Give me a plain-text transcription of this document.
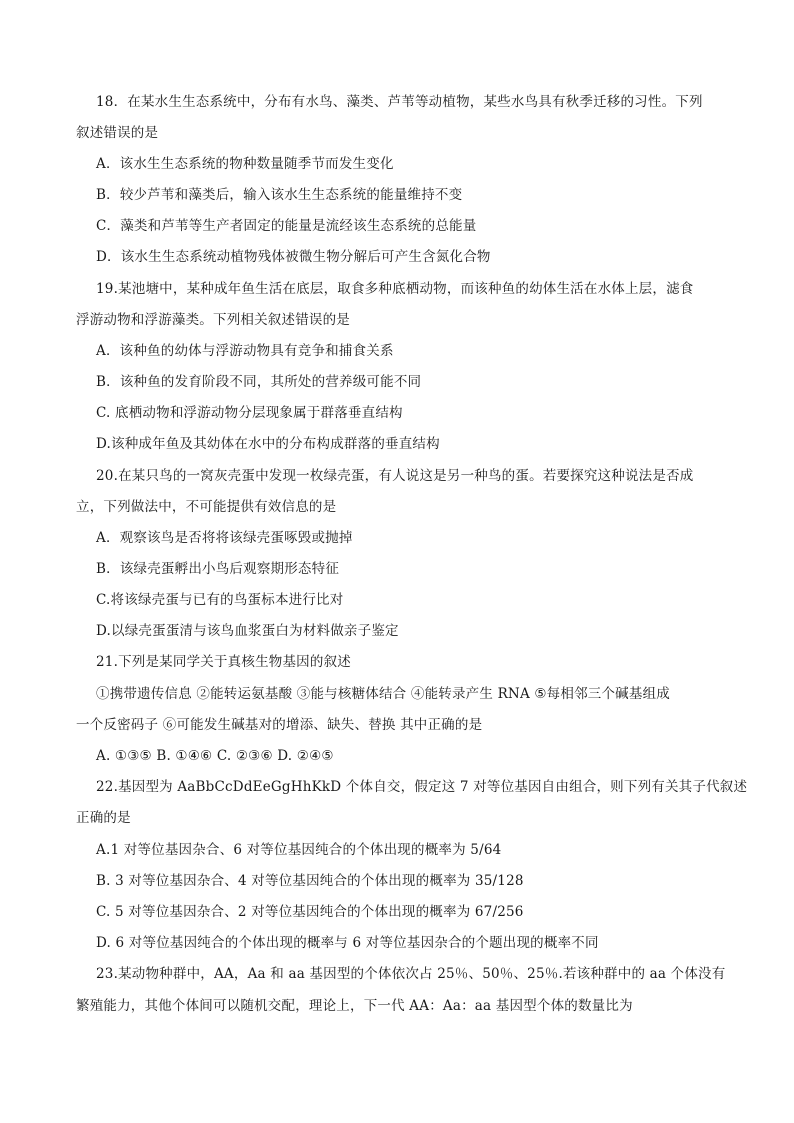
18．在某水生生态系统中，分布有水鸟、藻类、芦苇等动植物，某些水鸟具有秋季迁移的习性。下列
叙述错误的是
A．该水生生态系统的物种数量随季节而发生变化
B．较少芦苇和藻类后，输入该水生生态系统的能量维持不变
C．藻类和芦苇等生产者固定的能量是流经该生态系统的总能量
D．该水生生态系统动植物残体被微生物分解后可产生含氮化合物
19.某池塘中，某种成年鱼生活在底层，取食多种底栖动物，而该种鱼的幼体生活在水体上层，滤食
浮游动物和浮游藻类。下列相关叙述错误的是
A．该种鱼的幼体与浮游动物具有竞争和捕食关系
B．该种鱼的发育阶段不同，其所处的营养级可能不同
C. 底栖动物和浮游动物分层现象属于群落垂直结构
D.该种成年鱼及其幼体在水中的分布构成群落的垂直结构
20.在某只鸟的一窝灰壳蛋中发现一枚绿壳蛋，有人说这是另一种鸟的蛋。若要探究这种说法是否成
立，下列做法中，不可能提供有效信息的是
A．观察该鸟是否将将该绿壳蛋啄毁或抛掉
B．该绿壳蛋孵出小鸟后观察期形态特征
C.将该绿壳蛋与已有的鸟蛋标本进行比对
D.以绿壳蛋蛋清与该鸟血浆蛋白为材料做亲子鉴定
21.下列是某同学关于真核生物基因的叙述
①携带遗传信息 ②能转运氨基酸 ③能与核糖体结合 ④能转录产生 RNA ⑤每相邻三个碱基组成
一个反密码子 ⑥可能发生碱基对的增添、缺失、替换 其中正确的是
A. ①③⑤ B. ①④⑥ C. ②③⑥ D. ②④⑤
22.基因型为 AaBbCcDdEeGgHhKkD 个体自交，假定这 7 对等位基因自由组合，则下列有关其子代叙述
正确的是
A.1 对等位基因杂合、6 对等位基因纯合的个体出现的概率为 5/64
B. 3 对等位基因杂合、4 对等位基因纯合的个体出现的概率为 35/128
C. 5 对等位基因杂合、2 对等位基因纯合的个体出现的概率为 67/256
D. 6 对等位基因纯合的个体出现的概率与 6 对等位基因杂合的个题出现的概率不同
23.某动物种群中，AA，Aa 和 aa 基因型的个体依次占 25％、50％、25％.若该种群中的 aa 个体没有
繁殖能力，其他个体间可以随机交配，理论上，下一代 AA：Aa：aa 基因型个体的数量比为
